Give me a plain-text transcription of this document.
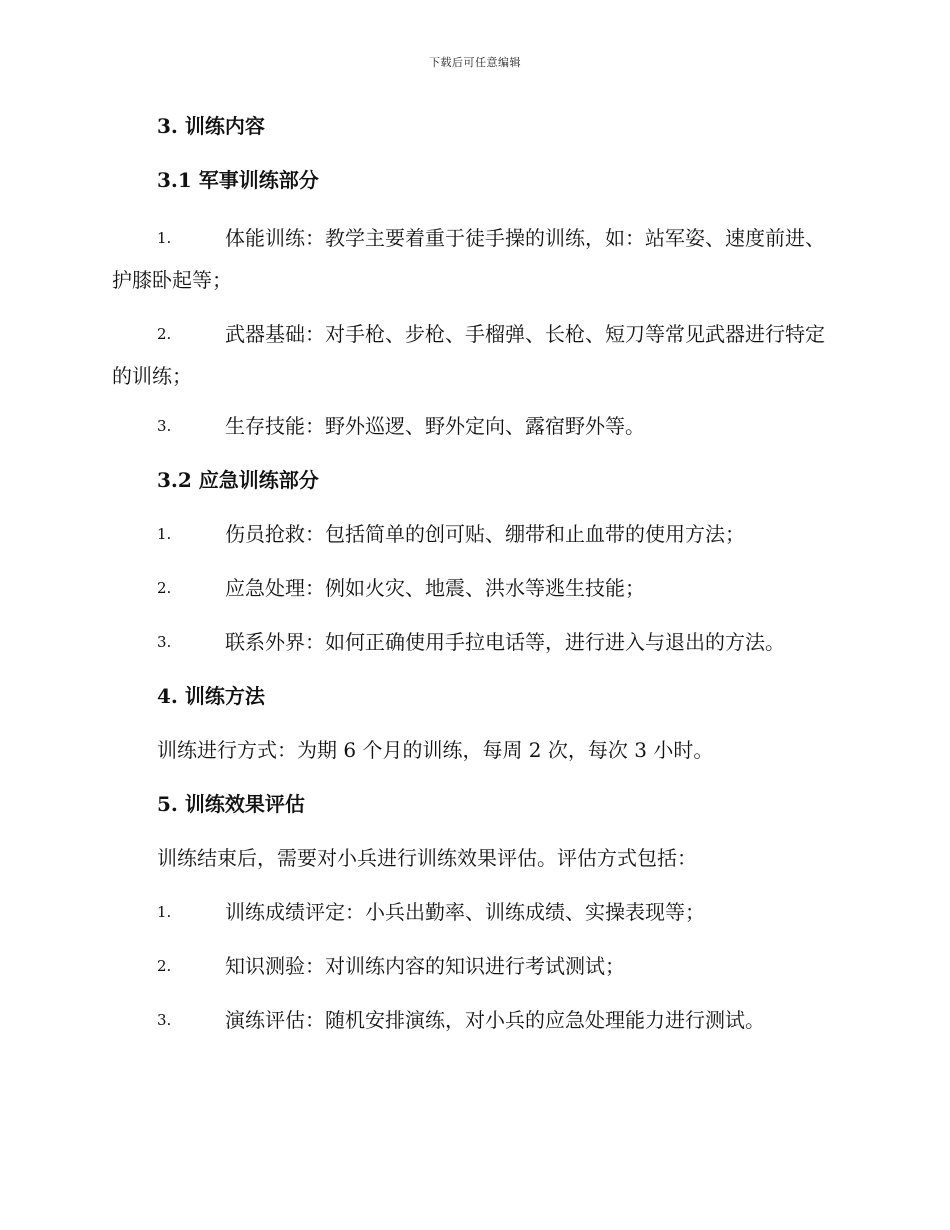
下载后可任意编辑
3. 训练内容
3.1 军事训练部分
1.	体能训练：教学主要着重于徒手操的训练，如：站军姿、速度前进、护膝卧起等；
2.	武器基础：对手枪、步枪、手榴弹、长枪、短刀等常见武器进行特定的训练；
3.	生存技能：野外巡逻、野外定向、露宿野外等。
3.2 应急训练部分
1.	伤员抢救：包括简单的创可贴、绷带和止血带的使用方法；
2.	应急处理：例如火灾、地震、洪水等逃生技能；
3.	联系外界：如何正确使用手拉电话等，进行进入与退出的方法。
4. 训练方法
训练进行方式：为期 6 个月的训练，每周 2 次，每次 3 小时。
5. 训练效果评估
训练结束后，需要对小兵进行训练效果评估。评估方式包括：
1.	训练成绩评定：小兵出勤率、训练成绩、实操表现等；
2.	知识测验：对训练内容的知识进行考试测试；
3.	演练评估：随机安排演练，对小兵的应急处理能力进行测试。
